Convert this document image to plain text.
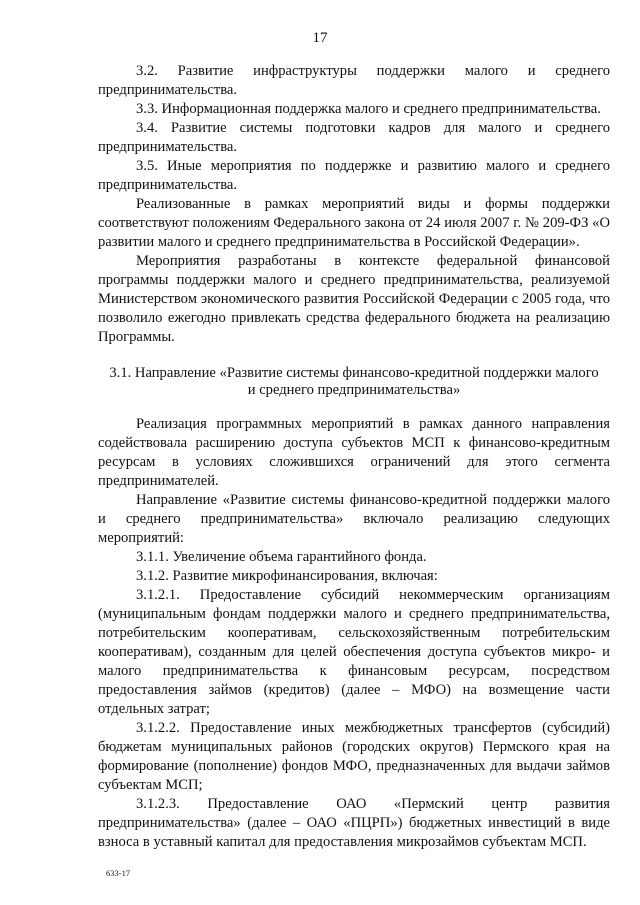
17

3.2. Развитие инфраструктуры поддержки малого и среднего предпринимательства.

3.3. Информационная поддержка малого и среднего предпринимательства.

3.4. Развитие системы подготовки кадров для малого и среднего предпринимательства.

3.5. Иные мероприятия по поддержке и развитию малого и среднего предпринимательства.

Реализованные в рамках мероприятий виды и формы поддержки соответствуют положениям Федерального закона от 24 июля 2007 г. № 209-ФЗ «О развитии малого и среднего предпринимательства в Российской Федерации».

Мероприятия разработаны в контексте федеральной финансовой программы поддержки малого и среднего предпринимательства, реализуемой Министерством экономического развития Российской Федерации с 2005 года, что позволило ежегодно привлекать средства федерального бюджета на реализацию Программы.

3.1. Направление «Развитие системы финансово-кредитной поддержки малого и среднего предпринимательства»

Реализация программных мероприятий в рамках данного направления содействовала расширению доступа субъектов МСП к финансово-кредитным ресурсам в условиях сложившихся ограничений для этого сегмента предпринимателей.

Направление «Развитие системы финансово-кредитной поддержки малого и среднего предпринимательства» включало реализацию следующих мероприятий:

3.1.1. Увеличение объема гарантийного фонда.

3.1.2. Развитие микрофинансирования, включая:

3.1.2.1. Предоставление субсидий некоммерческим организациям (муниципальным фондам поддержки малого и среднего предпринимательства, потребительским кооперативам, сельскохозяйственным потребительским кооперативам), созданным для целей обеспечения доступа субъектов микро- и малого предпринимательства к финансовым ресурсам, посредством предоставления займов (кредитов) (далее – МФО) на возмещение части отдельных затрат;

3.1.2.2. Предоставление иных межбюджетных трансфертов (субсидий) бюджетам муниципальных районов (городских округов) Пермского края на формирование (пополнение) фондов МФО, предназначенных для выдачи займов субъектам МСП;

3.1.2.3. Предоставление ОАО «Пермский центр развития предпринимательства» (далее – ОАО «ПЦРП») бюджетных инвестиций в виде взноса в уставный капитал для предоставления микрозаймов субъектам МСП.

633-17
